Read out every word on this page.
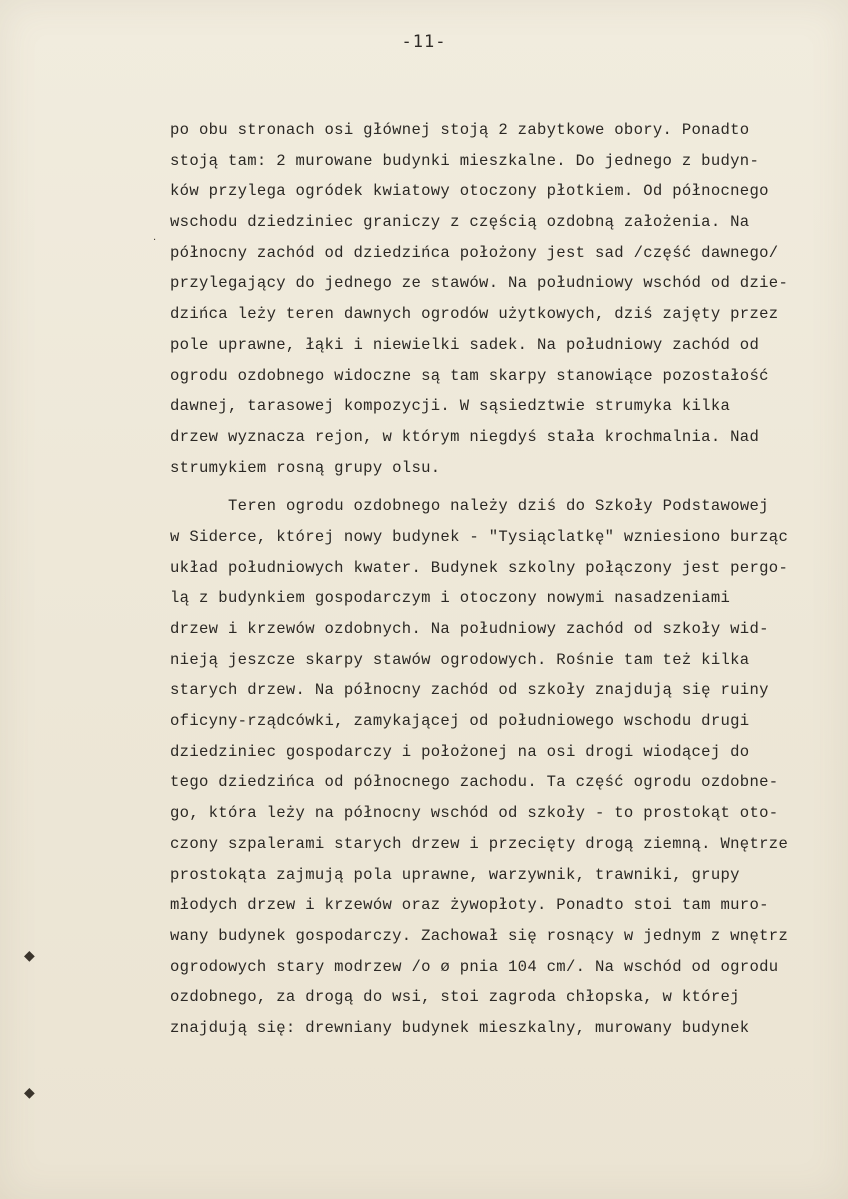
-11-
.
◆
◆
po obu stronach osi głównej stoją 2 zabytkowe obory. Ponadto
stoją tam: 2 murowane budynki mieszkalne. Do jednego z budyn-
ków przylega ogródek kwiatowy otoczony płotkiem. Od północnego
wschodu dziedziniec graniczy z częścią ozdobną założenia. Na
północny zachód od dziedzińca położony jest sad /część dawnego/
przylegający do jednego ze stawów. Na południowy wschód od dzie-
dzińca leży teren dawnych ogrodów użytkowych, dziś zajęty przez
pole uprawne, łąki i niewielki sadek. Na południowy zachód od
ogrodu ozdobnego widoczne są tam skarpy stanowiące pozostałość
dawnej, tarasowej kompozycji. W sąsiedztwie strumyka kilka
drzew wyznacza rejon, w którym niegdyś stała krochmalnia. Nad
strumykiem rosną grupy olsu.
Teren ogrodu ozdobnego należy dziś do Szkoły Podstawowej
w Siderce, której nowy budynek - "Tysiąclatkę" wzniesiono burząc
układ południowych kwater. Budynek szkolny połączony jest pergo-
lą z budynkiem gospodarczym i otoczony nowymi nasadzeniami
drzew i krzewów ozdobnych. Na południowy zachód od szkoły wid-
nieją jeszcze skarpy stawów ogrodowych. Rośnie tam też kilka
starych drzew. Na północny zachód od szkoły znajdują się ruiny
oficyny-rządcówki, zamykającej od południowego wschodu drugi
dziedziniec gospodarczy i położonej na osi drogi wiodącej do
tego dziedzińca od północnego zachodu. Ta część ogrodu ozdobne-
go, która leży na północny wschód od szkoły - to prostokąt oto-
czony szpalerami starych drzew i przecięty drogą ziemną. Wnętrze
prostokąta zajmują pola uprawne, warzywnik, trawniki, grupy
młodych drzew i krzewów oraz żywopłoty. Ponadto stoi tam muro-
wany budynek gospodarczy. Zachował się rosnący w jednym z wnętrz
ogrodowych stary modrzew /o ø pnia 104 cm/. Na wschód od ogrodu
ozdobnego, za drogą do wsi, stoi zagroda chłopska, w której
znajdują się: drewniany budynek mieszkalny, murowany budynek
